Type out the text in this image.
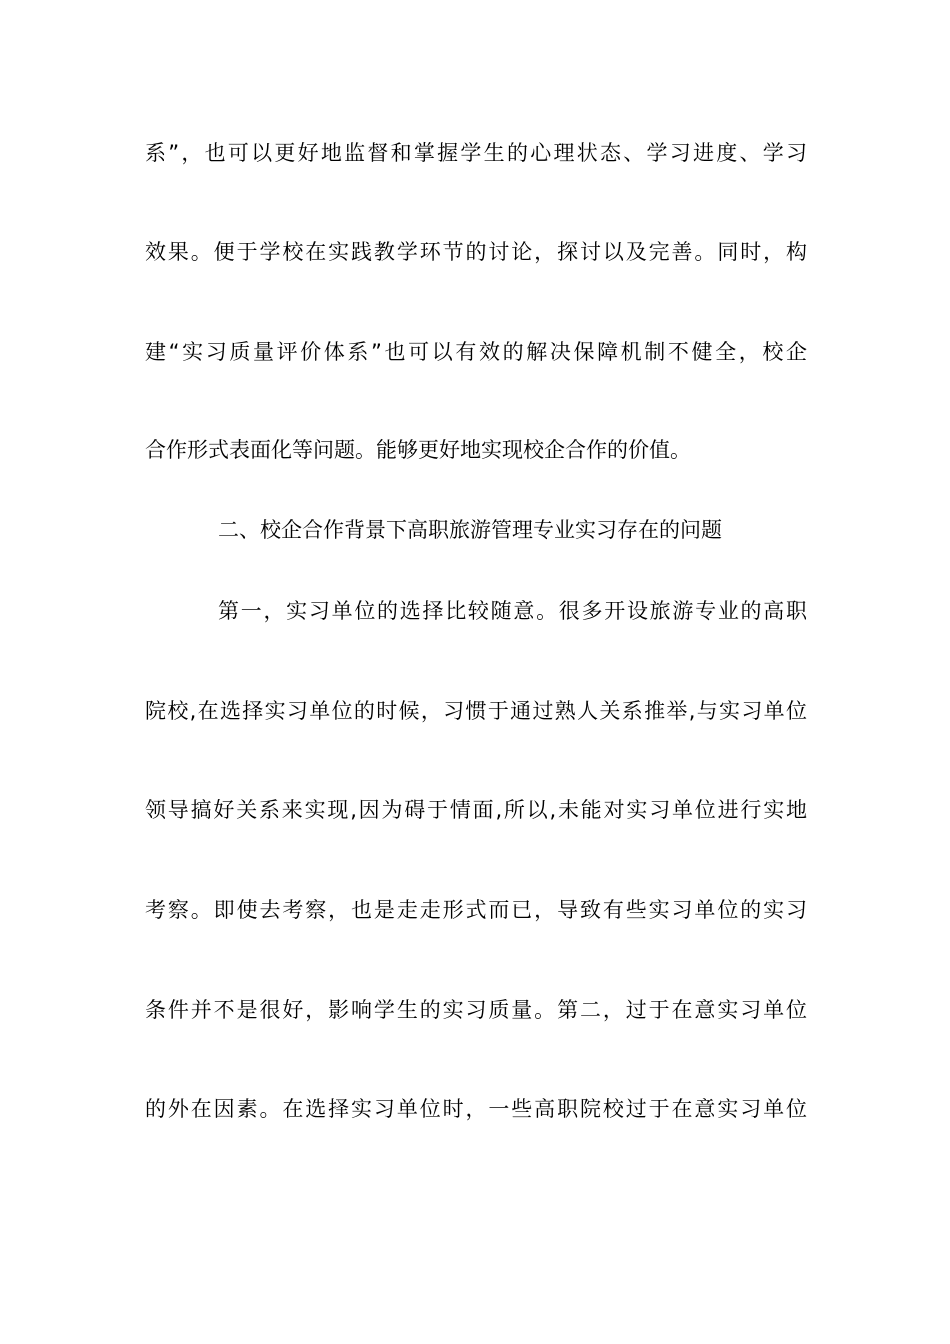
系”，也可以更好地监督和掌握学生的心理状态、学习进度、学习
效果。便于学校在实践教学环节的讨论，探讨以及完善。同时，构
建“实习质量评价体系”也可以有效的解决保障机制不健全，校企
合作形式表面化等问题。能够更好地实现校企合作的价值。
二、校企合作背景下高职旅游管理专业实习存在的问题
第一，实习单位的选择比较随意。很多开设旅游专业的高职
院校,在选择实习单位的时候，习惯于通过熟人关系推举,与实习单位
领导搞好关系来实现,因为碍于情面,所以,未能对实习单位进行实地
考察。即使去考察，也是走走形式而已，导致有些实习单位的实习
条件并不是很好，影响学生的实习质量。第二，过于在意实习单位
的外在因素。在选择实习单位时，一些高职院校过于在意实习单位
